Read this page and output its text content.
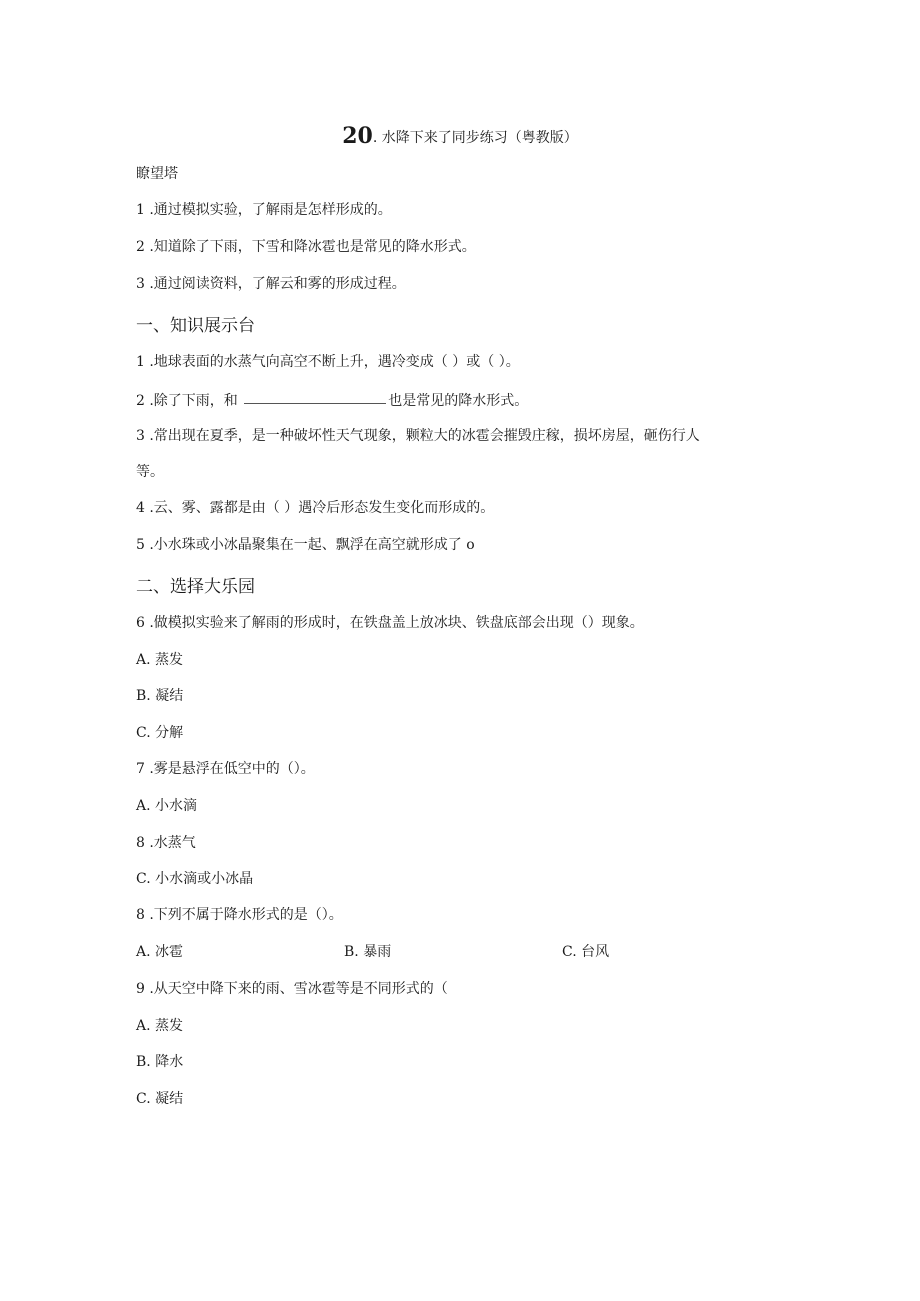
20. 水降下来了同步练习（粤教版）
瞭望塔
1 .通过模拟实验，了解雨是怎样形成的。
2 .知道除了下雨，下雪和降冰雹也是常见的降水形式。
3 .通过阅读资料，了解云和雾的形成过程。
一、知识展示台
1 .地球表面的水蒸气向高空不断上升，遇冷变成（ ）或（ ）。
2 .除了下雨，和	也是常见的降水形式。
3 .常出现在夏季，是一种破坏性天气现象，颗粒大的冰雹会摧毁庄稼，损坏房屋，砸伤行人
等。
4 .云、雾、露都是由（ ）遇冷后形态发生变化而形成的。
5 .小水珠或小冰晶聚集在一起、飘浮在高空就形成了 o
二、选择大乐园
6 .做模拟实验来了解雨的形成时，在铁盘盖上放冰块、铁盘底部会出现（）现象。
A. 蒸发
B. 凝结
C. 分解
7 .雾是悬浮在低空中的（）。
A. 小水滴
8 .水蒸气
C. 小水滴或小冰晶
8 .下列不属于降水形式的是（）。
A. 冰雹	B. 暴雨	C. 台风
9 .从天空中降下来的雨、雪冰雹等是不同形式的（
A. 蒸发
B. 降水
C. 凝结
